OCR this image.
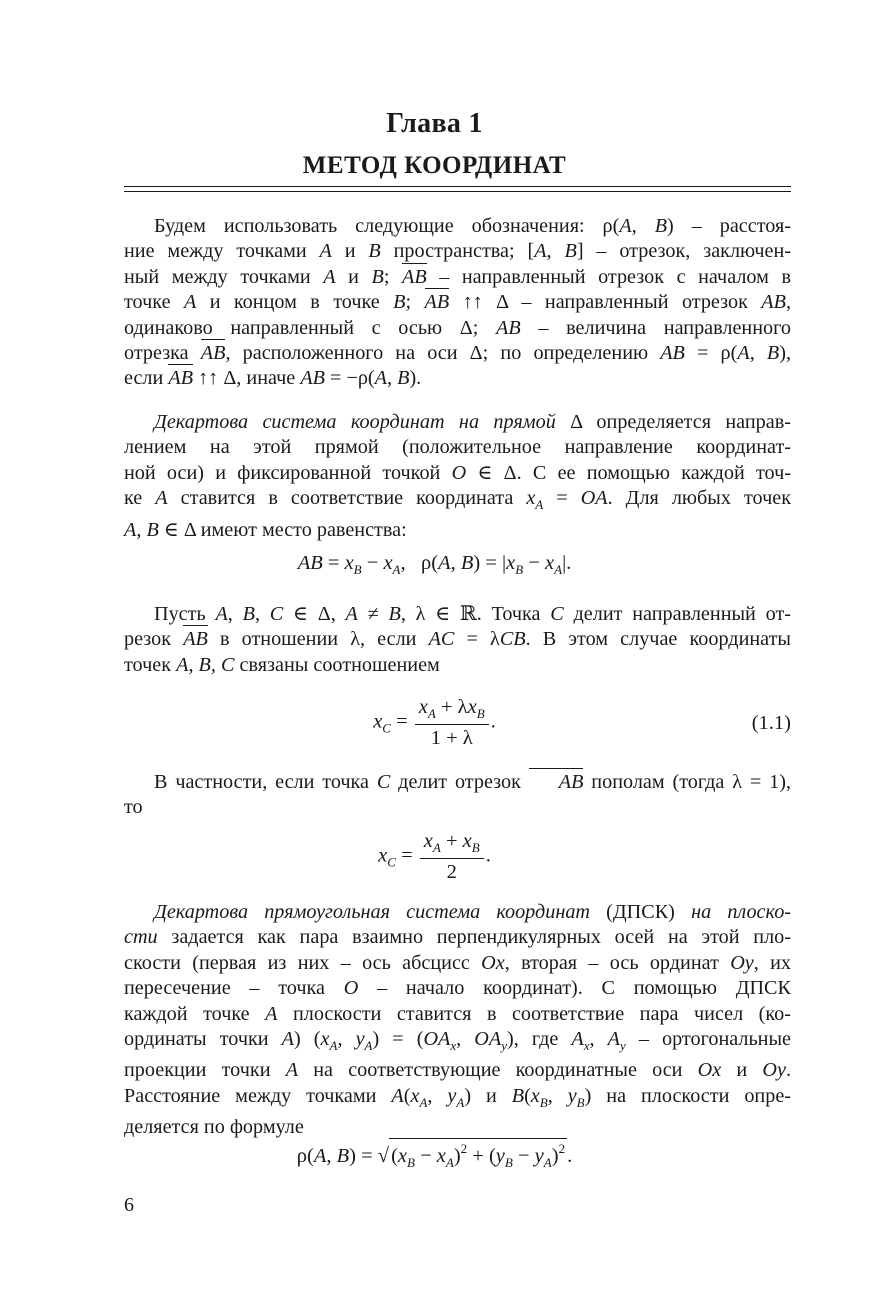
Глава 1
МЕТОД КООРДИНАТ
Будем использовать следующие обозначения: ρ(A, B) – расстоя-
ние между точками A и B пространства; [A, B] – отрезок, заключен-
ный между точками A и B; AB – направленный отрезок с началом в
точке A и концом в точке B; AB ↑↑ Δ – направленный отрезок AB,
одинаково направленный с осью Δ; AB – величина направленного
отрезка AB, расположенного на оси Δ; по определению AB = ρ(A, B),
если AB ↑↑ Δ, иначе AB = −ρ(A, B).
Декартова система координат на прямой Δ определяется направ-
лением на этой прямой (положительное направление координат-
ной оси) и фиксированной точкой O ∈ Δ. С ее помощью каждой точ-
ке A ставится в соответствие координата $x_A$ = OA. Для любых точек
A, B ∈ Δ имеют место равенства:
AB = $x_B - x_A$,   ρ(A, $B) = |x_B - x_A|$.
Пусть A, B, C ∈ Δ, A ≠ B, λ ∈ ℝ. Точка C делит направленный от-
резок AB в отношении λ, если AC = λCB. В этом случае координаты
точек A, B, C связаны соотношением
$x_C = \frac{x_A + \lambda x_B}{1 + \lambda}$ .	(1.1)
В частности, если точка C делит отрезок AB пополам (тогда λ = 1),
то
$x_C = \frac{x_A + x_B}{2}$ .
Декартова прямоугольная система координат (ДПСК) на плоско-
сти задается как пара взаимно перпендикулярных осей на этой пло-
скости (первая из них – ось абсцисс Ox, вторая – ось ординат Oy, их
пересечение – точка O – начало координат). С помощью ДПСК
каждой точке A плоскости ставится в соответствие пара чисел (ко-
ординаты точки A) ($x_A$, $y_A) = (OA_x$, $OA_y$), где $A_x$, $A_y$ – ортогональные
проекции точки A на соответствующие координатные оси Ox и Oy.
Расстояние между точками $A(x_A$, $y_A$) и $B(x_B$, $y_B$) на плоскости опре-
деляется по формуле
ρ(A, $B) = √(x_B - x_A)^2 + (y_B - y_A)^2$.
6
